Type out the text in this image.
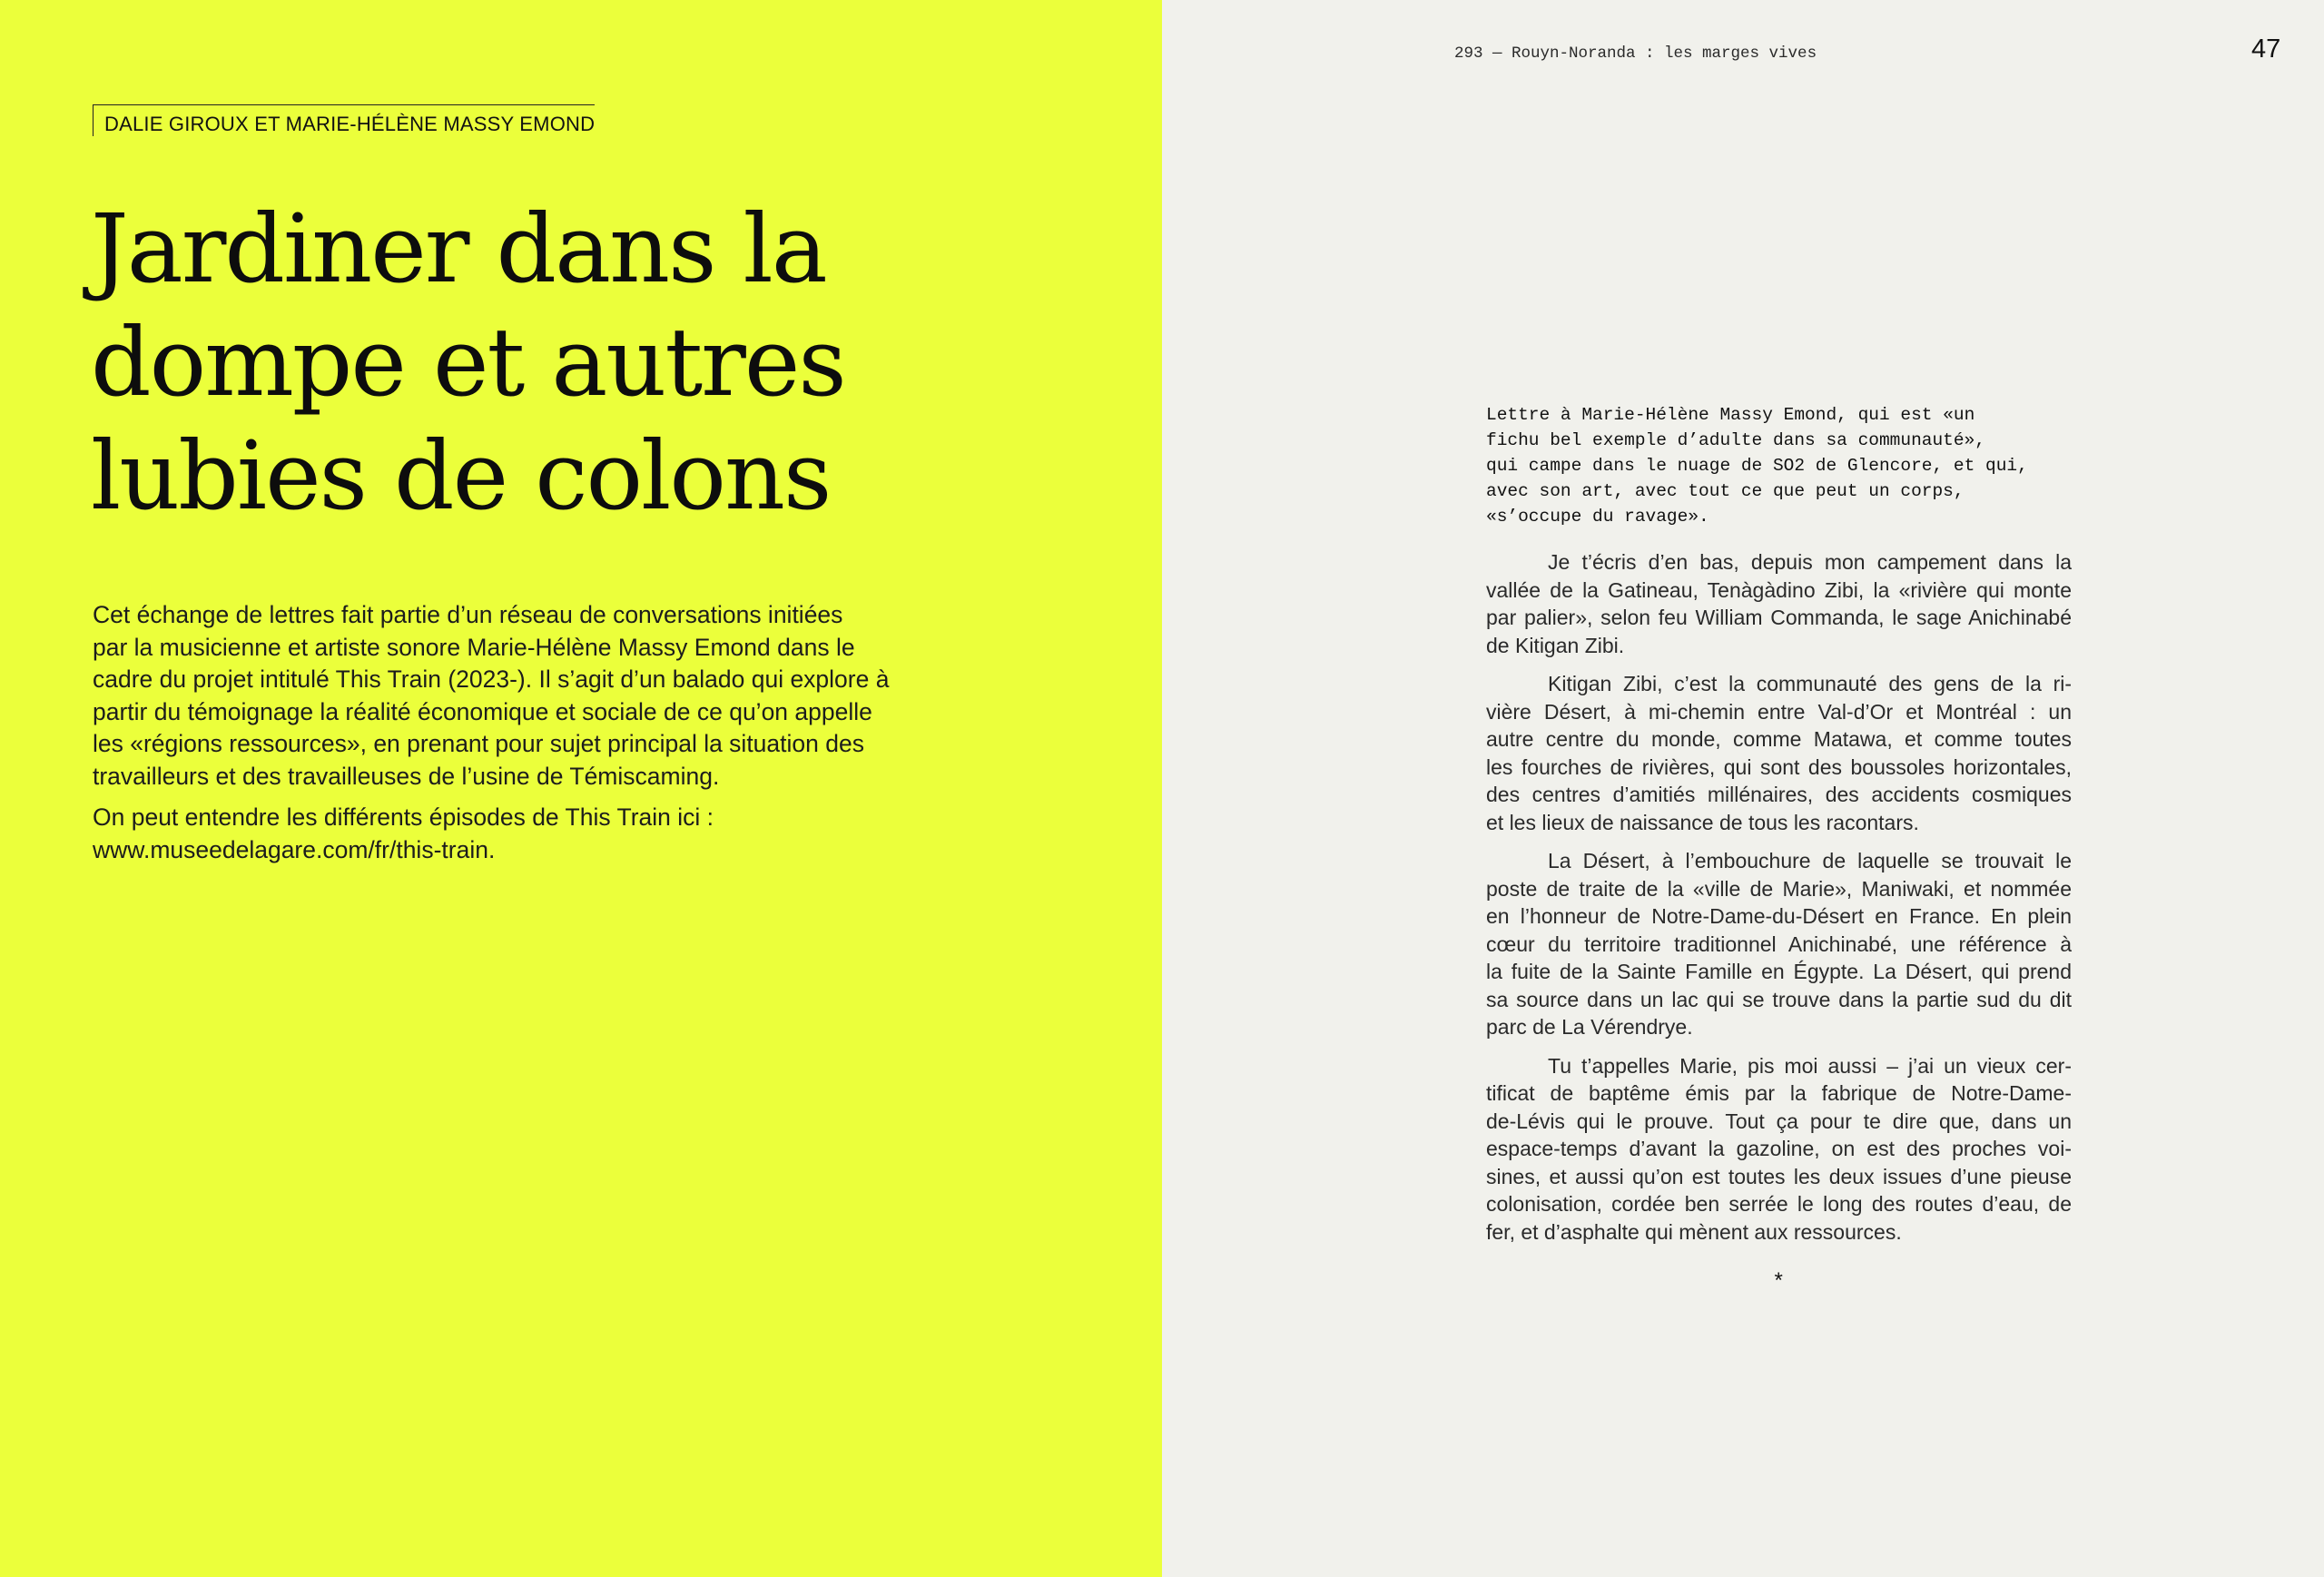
DALIE GIROUX ET MARIE-HÉLÈNE MASSY EMOND
Jardiner dans la
dompe et autres
lubies de colons

Cet échange de lettres fait partie d’un réseau de conversations initiées
par la musicienne et artiste sonore Marie-Hélène Massy Emond dans le
cadre du projet intitulé This Train (2023-). Il s’agit d’un balado qui explore à
partir du témoignage la réalité économique et sociale de ce qu’on appelle
les «régions ressources», en prenant pour sujet principal la situation des
travailleurs et des travailleuses de l’usine de Témiscaming.

On peut entendre les différents épisodes de This Train ici :
www.museedelagare.com/fr/this-train.

293 — Rouyn-Noranda : les marges vives	47
Lettre à Marie-Hélène Massy Emond, qui est «un
fichu bel exemple d’adulte dans sa communauté»,
qui campe dans le nuage de SO2 de Glencore, et qui,
avec son art, avec tout ce que peut un corps,
«s’occupe du ravage».

Je t’écris d’en bas, depuis mon campement dans la
vallée de la Gatineau, Tenàgàdino Zibi, la «rivière qui monte
par palier», selon feu William Commanda, le sage Anichinabé
de Kitigan Zibi.

Kitigan Zibi, c’est la communauté des gens de la ri-
vière Désert, à mi-chemin entre Val-d’Or et Montréal : un
autre centre du monde, comme Matawa, et comme toutes
les fourches de rivières, qui sont des boussoles horizontales,
des centres d’amitiés millénaires, des accidents cosmiques
et les lieux de naissance de tous les racontars.

La Désert, à l’embouchure de laquelle se trouvait le
poste de traite de la «ville de Marie», Maniwaki, et nommée
en l’honneur de Notre-Dame-du-Désert en France. En plein
cœur du territoire traditionnel Anichinabé, une référence à
la fuite de la Sainte Famille en Égypte. La Désert, qui prend
sa source dans un lac qui se trouve dans la partie sud du dit
parc de La Vérendrye.

Tu t’appelles Marie, pis moi aussi – j’ai un vieux cer-
tificat de baptême émis par la fabrique de Notre-Dame-
de-Lévis qui le prouve. Tout ça pour te dire que, dans un
espace-temps d’avant la gazoline, on est des proches voi-
sines, et aussi qu’on est toutes les deux issues d’une pieuse
colonisation, cordée ben serrée le long des routes d’eau, de
fer, et d’asphalte qui mènent aux ressources.

*
